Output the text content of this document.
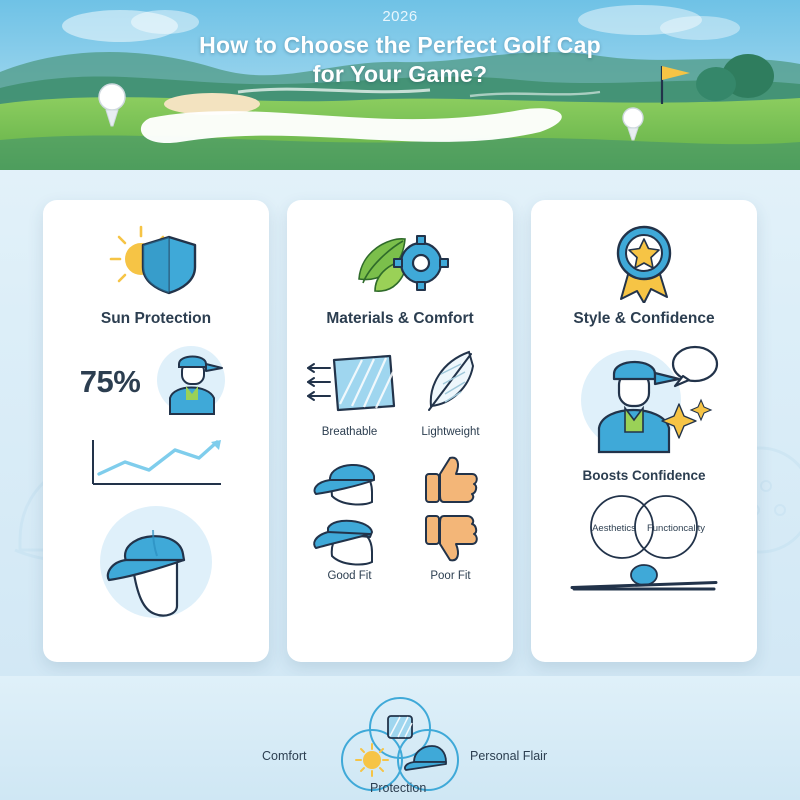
2026
How to Choose the Perfect Golf Cap
for Your Game?
Sun Protection
75%
Materials & Comfort
Breathable	Lightweight
Good Fit	Poor Fit
Style & Confidence
Boosts Confidence
Aesthetics Functioncality
Comfort	Personal Flair
Protection
